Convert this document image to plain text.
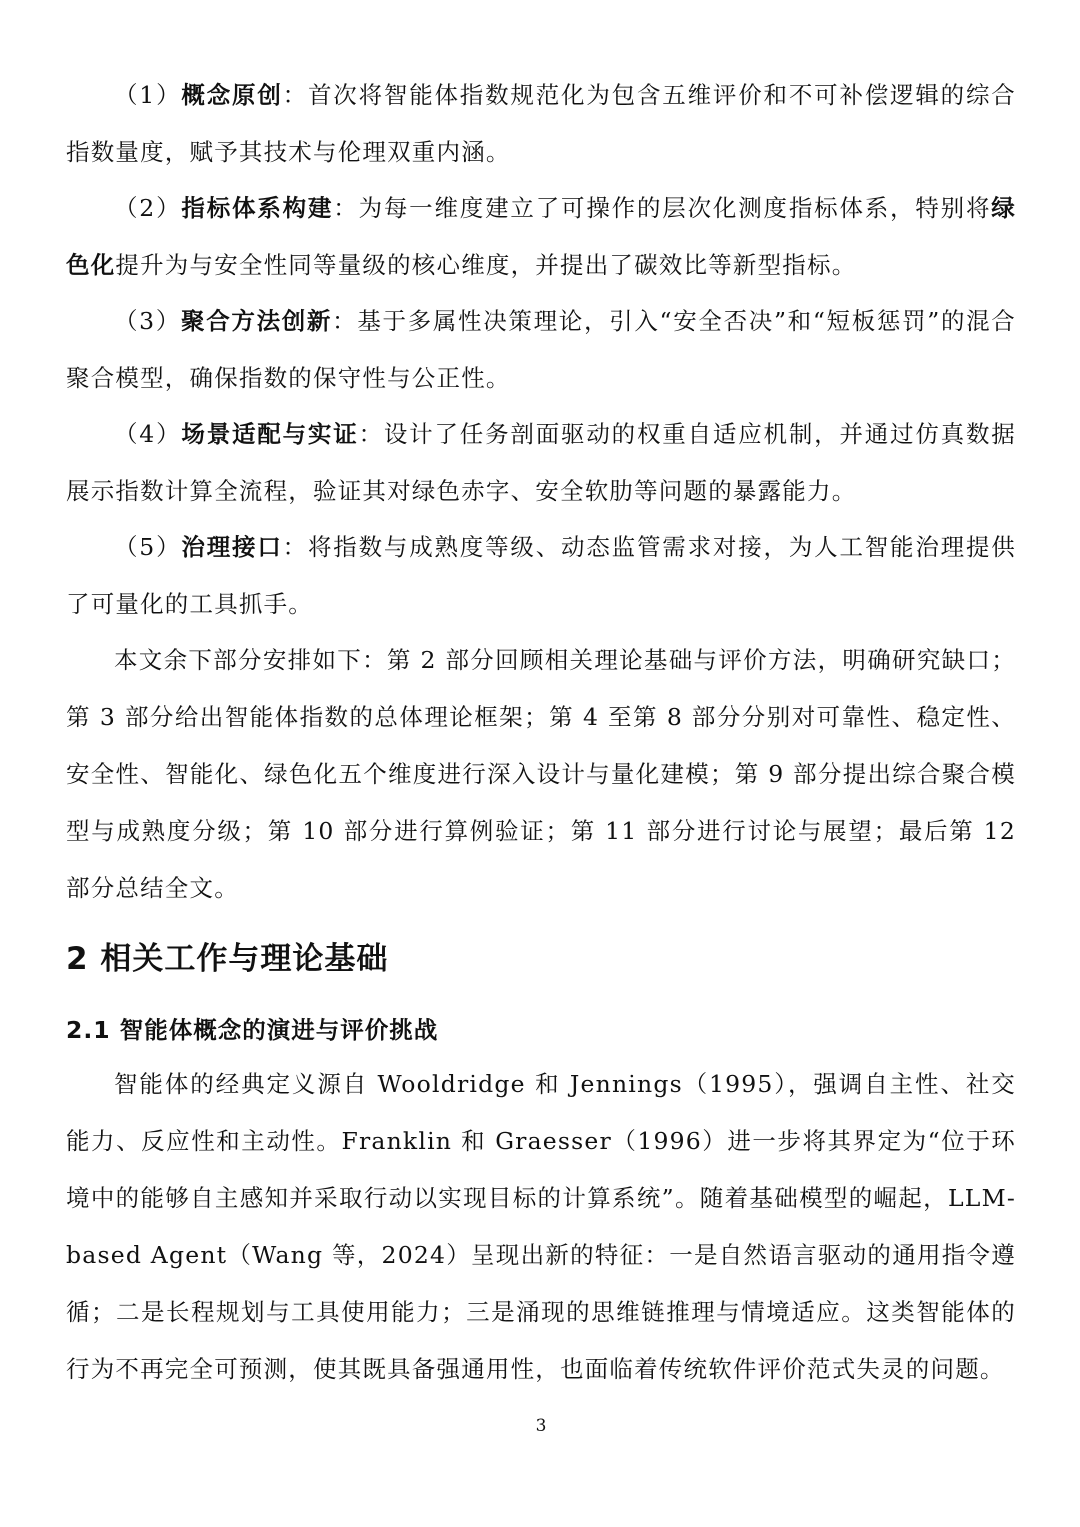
（1）概念原创：首次将智能体指数规范化为包含五维评价和不可补偿逻辑的综合指数量度，赋予其技术与伦理双重内涵。

（2）指标体系构建：为每一维度建立了可操作的层次化测度指标体系，特别将绿色化提升为与安全性同等量级的核心维度，并提出了碳效比等新型指标。

（3）聚合方法创新：基于多属性决策理论，引入“安全否决”和“短板惩罚”的混合聚合模型，确保指数的保守性与公正性。

（4）场景适配与实证：设计了任务剖面驱动的权重自适应机制，并通过仿真数据展示指数计算全流程，验证其对绿色赤字、安全软肋等问题的暴露能力。

（5）治理接口：将指数与成熟度等级、动态监管需求对接，为人工智能治理提供了可量化的工具抓手。

本文余下部分安排如下：第 2 部分回顾相关理论基础与评价方法，明确研究缺口；第 3 部分给出智能体指数的总体理论框架；第 4 至第 8 部分分别对可靠性、稳定性、安全性、智能化、绿色化五个维度进行深入设计与量化建模；第 9 部分提出综合聚合模型与成熟度分级；第 10 部分进行算例验证；第 11 部分进行讨论与展望；最后第 12 部分总结全文。

2 相关工作与理论基础
2.1 智能体概念的演进与评价挑战

智能体的经典定义源自 Wooldridge 和 Jennings（1995），强调自主性、社交能力、反应性和主动性。Franklin 和 Graesser（1996）进一步将其界定为“位于环境中的能够自主感知并采取行动以实现目标的计算系统”。随着基础模型的崛起，LLM-based Agent（Wang 等，2024）呈现出新的特征：一是自然语言驱动的通用指令遵循；二是长程规划与工具使用能力；三是涌现的思维链推理与情境适应。这类智能体的行为不再完全可预测，使其既具备强通用性，也面临着传统软件评价范式失灵的问题。

3
